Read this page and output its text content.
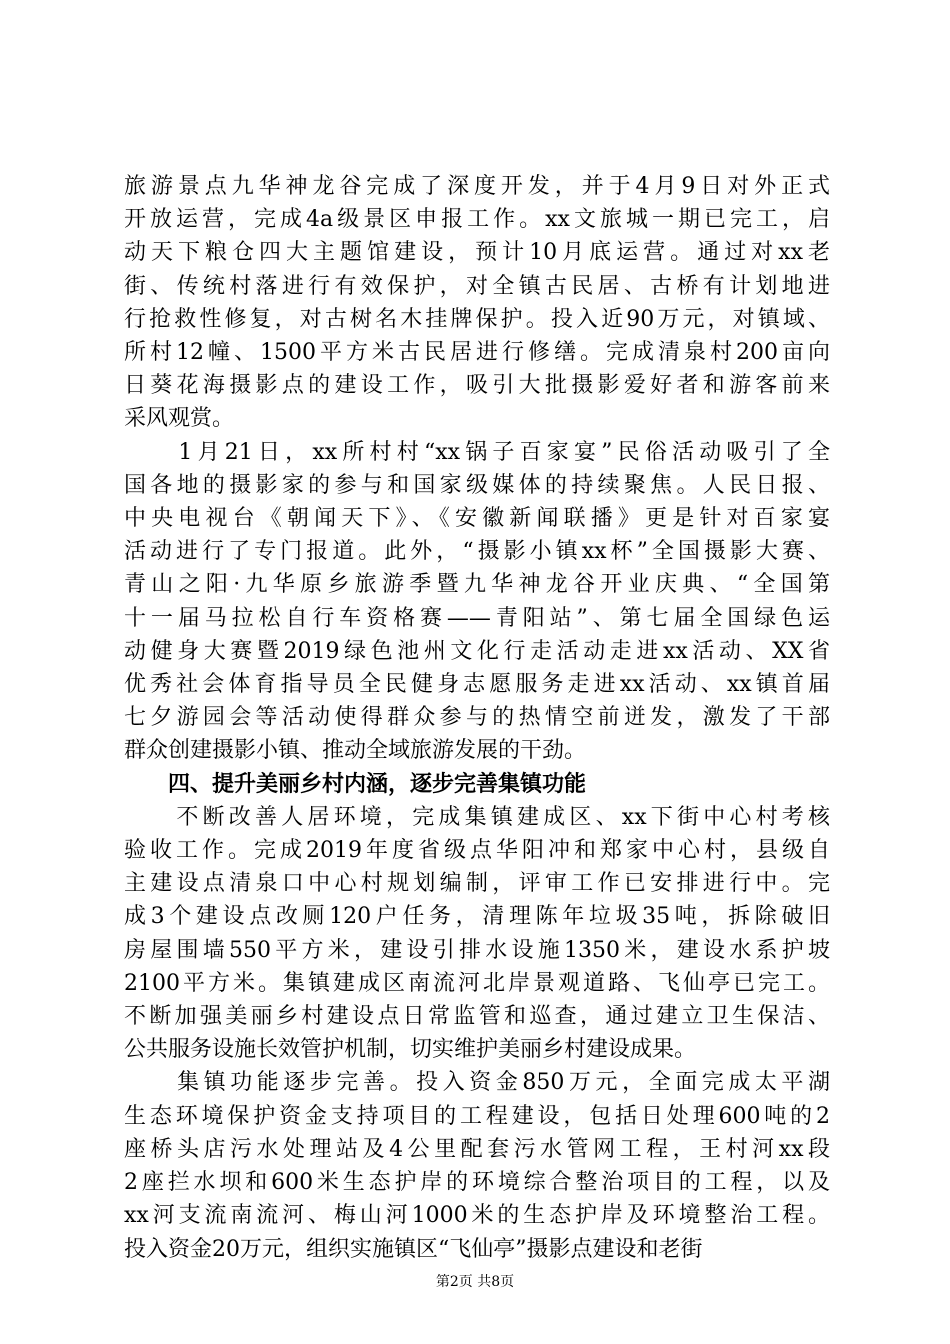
旅游景点九华神龙谷完成了深度开发，并于4月9日对外正式
开放运营，完成4a级景区申报工作。xx文旅城一期已完工，启
动天下粮仓四大主题馆建设，预计10月底运营。通过对xx老
街、传统村落进行有效保护，对全镇古民居、古桥有计划地进
行抢救性修复，对古树名木挂牌保护。投入近90万元，对镇域、
所村12幢、1500平方米古民居进行修缮。完成清泉村200亩向
日葵花海摄影点的建设工作，吸引大批摄影爱好者和游客前来
采风观赏。

　　1月21日，xx所村村“xx锅子百家宴”民俗活动吸引了全
国各地的摄影家的参与和国家级媒体的持续聚焦。人民日报、
中央电视台《朝闻天下》、《安徽新闻联播》更是针对百家宴
活动进行了专门报道。此外，“摄影小镇xx杯”全国摄影大赛、
青山之阳·九华原乡旅游季暨九华神龙谷开业庆典、“全国第
十一届马拉松自行车资格赛——青阳站”、第七届全国绿色运
动健身大赛暨2019绿色池州文化行走活动走进xx活动、XX省
优秀社会体育指导员全民健身志愿服务走进xx活动、xx镇首届
七夕游园会等活动使得群众参与的热情空前迸发，激发了干部
群众创建摄影小镇、推动全域旅游发展的干劲。

　　四、提升美丽乡村内涵，逐步完善集镇功能

　　不断改善人居环境，完成集镇建成区、xx下街中心村考核
验收工作。完成2019年度省级点华阳冲和郑家中心村，县级自
主建设点清泉口中心村规划编制，评审工作已安排进行中。完
成3个建设点改厕120户任务，清理陈年垃圾35吨，拆除破旧
房屋围墙550平方米，建设引排水设施1350米，建设水系护坡
2100平方米。集镇建成区南流河北岸景观道路、飞仙亭已完工。
不断加强美丽乡村建设点日常监管和巡查，通过建立卫生保洁、
公共服务设施长效管护机制，切实维护美丽乡村建设成果。

　　集镇功能逐步完善。投入资金850万元，全面完成太平湖
生态环境保护资金支持项目的工程建设，包括日处理600吨的2
座桥头店污水处理站及4公里配套污水管网工程，王村河xx段
2座拦水坝和600米生态护岸的环境综合整治项目的工程，以及
xx河支流南流河、梅山河1000米的生态护岸及环境整治工程。
投入资金20万元，组织实施镇区“飞仙亭”摄影点建设和老街

第2页 共8页
